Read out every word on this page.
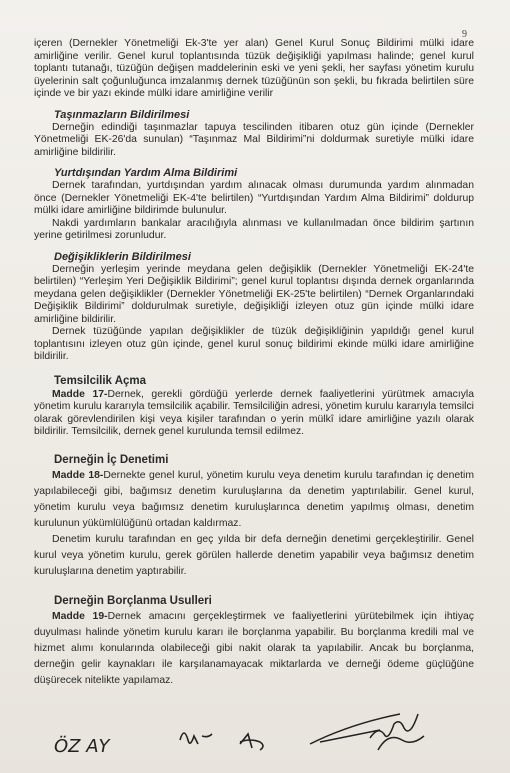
9

içeren (Dernekler Yönetmeliği Ek-3'te yer alan) Genel Kurul Sonuç Bildirimi mülki idare amirliğine verilir. Genel kurul toplantısında tüzük değişikliği yapılması halinde; genel kurul toplantı tutanağı, tüzüğün değişen maddelerinin eski ve yeni şekli, her sayfası yönetim kurulu üyelerinin salt çoğunluğunca imzalanmış dernek tüzüğünün son şekli, bu fıkrada belirtilen süre içinde ve bir yazı ekinde mülki idare amirliğine verilir

Taşınmazların Bildirilmesi

Derneğin edindiği taşınmazlar tapuya tescilinden itibaren otuz gün içinde (Dernekler Yönetmeliği EK-26'da sunulan) “Taşınmaz Mal Bildirimi”ni doldurmak suretiyle mülki idare amirliğine bildirilir.

Yurtdışından Yardım Alma Bildirimi

Dernek tarafından, yurtdışından yardım alınacak olması durumunda yardım alınmadan önce (Dernekler Yönetmeliği EK-4'te belirtilen) “Yurtdışından Yardım Alma Bildirimi” doldurup mülki idare amirliğine bildirimde bulunulur.

Nakdi yardımların bankalar aracılığıyla alınması ve kullanılmadan önce bildirim şartının yerine getirilmesi zorunludur.

Değişikliklerin Bildirilmesi

Derneğin yerleşim yerinde meydana gelen değişiklik (Dernekler Yönetmeliği EK-24'te belirtilen) “Yerleşim Yeri Değişiklik Bildirimi”; genel kurul toplantısı dışında dernek organlarında meydana gelen değişiklikler (Dernekler Yönetmeliği EK-25'te belirtilen) “Dernek Organlarındaki Değişiklik Bildirimi” doldurulmak suretiyle, değişikliği izleyen otuz gün içinde mülki idare amirliğine bildirilir.

Dernek tüzüğünde yapılan değişiklikler de tüzük değişikliğinin yapıldığı genel kurul toplantısını izleyen otuz gün içinde, genel kurul sonuç bildirimi ekinde mülki idare amirliğine bildirilir.

Temsilcilik Açma

Madde 17-Dernek, gerekli gördüğü yerlerde dernek faaliyetlerini yürütmek amacıyla yönetim kurulu kararıyla temsilcilik açabilir. Temsilciliğin adresi, yönetim kurulu kararıyla temsilci olarak görevlendirilen kişi veya kişiler tarafından o yerin mülkî idare amirliğine yazılı olarak bildirilir. Temsilcilik, dernek genel kurulunda temsil edilmez.

Derneğin İç Denetimi

Madde 18-Dernekte genel kurul, yönetim kurulu veya denetim kurulu tarafından iç denetim yapılabileceği gibi, bağımsız denetim kuruluşlarına da denetim yaptırılabilir. Genel kurul, yönetim kurulu veya bağımsız denetim kuruluşlarınca denetim yapılmış olması, denetim kurulunun yükümlülüğünü ortadan kaldırmaz.

Denetim kurulu tarafından en geç yılda bir defa derneğin denetimi gerçekleştirilir. Genel kurul veya yönetim kurulu, gerek görülen hallerde denetim yapabilir veya bağımsız denetim kuruluşlarına denetim yaptırabilir.

Derneğin Borçlanma Usulleri

Madde 19-Dernek amacını gerçekleştirmek ve faaliyetlerini yürütebilmek için ihtiyaç duyulması halinde yönetim kurulu kararı ile borçlanma yapabilir. Bu borçlanma kredili mal ve hizmet alımı konularında olabileceği gibi nakit olarak ta yapılabilir. Ancak bu borçlanma, derneğin gelir kaynakları ile karşılanamayacak miktarlarda ve derneği ödeme güçlüğüne düşürecek nitelikte yapılamaz.

ÖZ AY
